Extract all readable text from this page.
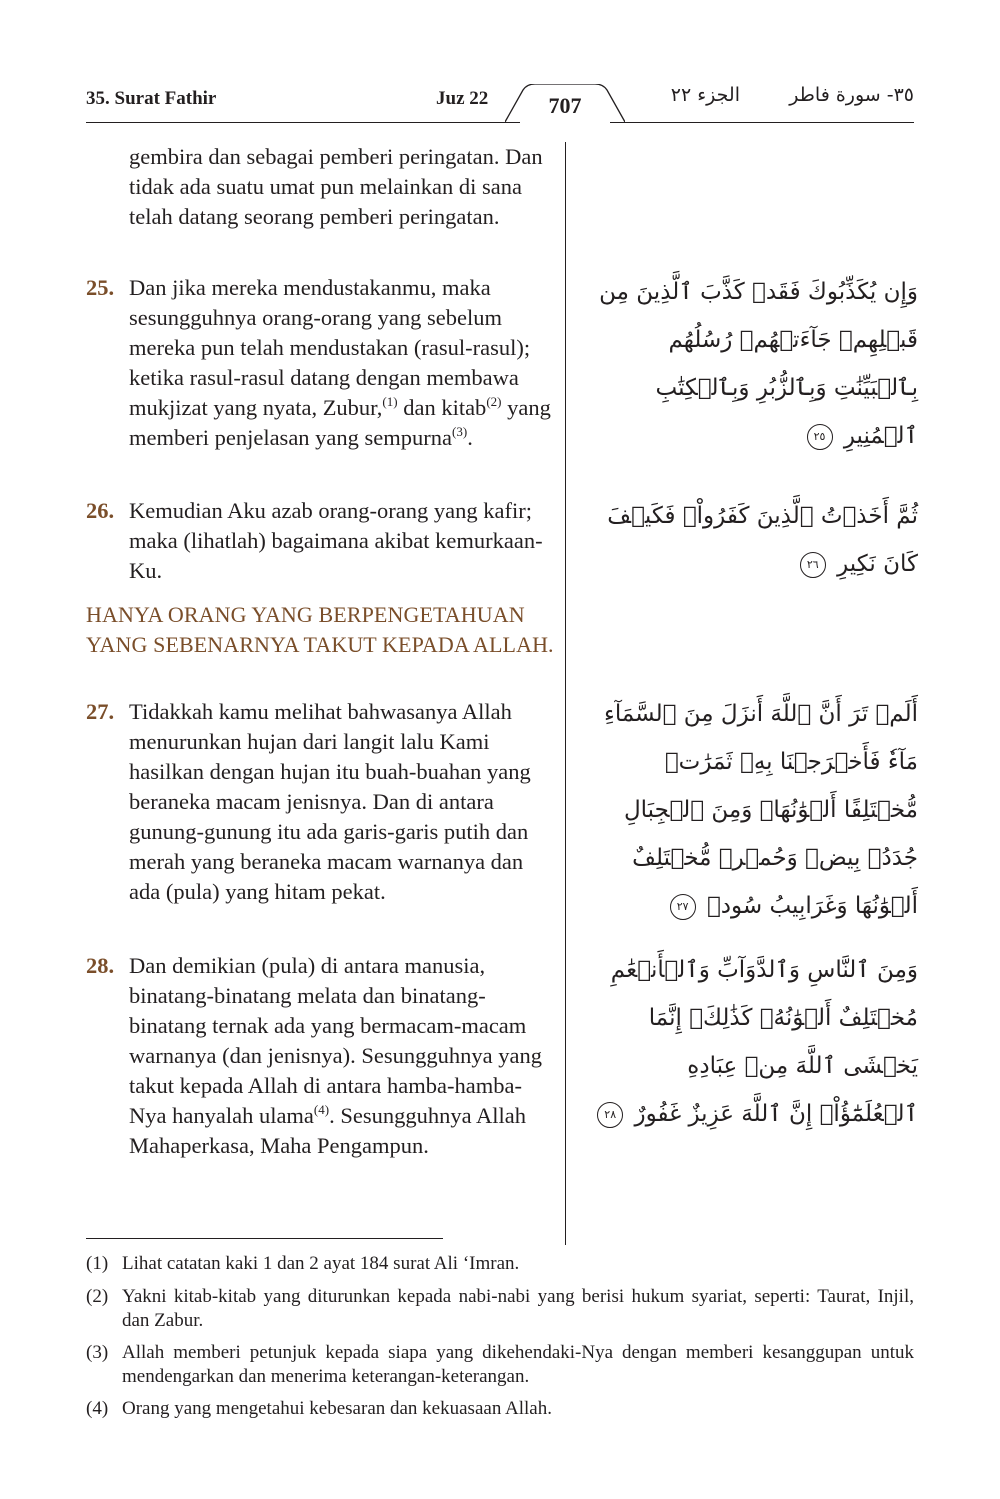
35. Surat Fathir	Juz 22	707	الجزء ٢٢	٣٥- سورة فاطر
gembira dan sebagai pemberi peringatan. Dan tidak ada suatu umat pun melainkan di sana telah datang seorang pemberi peringatan.
25. Dan jika mereka mendustakanmu, maka sesungguhnya orang-orang yang sebelum mereka pun telah mendustakan (rasul-rasul); ketika rasul-rasul datang dengan membawa mukjizat yang nyata, Zubur,$^{(1)}$ dan kitab$^{(2)}$ yang memberi penjelasan yang sempurna$^{(3)}$.
26. Kemudian Aku azab orang-orang yang kafir; maka (lihatlah) bagaimana akibat kemurkaan-Ku.
HANYA ORANG YANG BERPENGETAHUAN YANG SEBENARNYA TAKUT KEPADA ALLAH.
27. Tidakkah kamu melihat bahwasanya Allah menurunkan hujan dari langit lalu Kami hasilkan dengan hujan itu buah-buahan yang beraneka macam jenisnya. Dan di antara gunung-gunung itu ada garis-garis putih dan merah yang beraneka macam warnanya dan ada (pula) yang hitam pekat.
28. Dan demikian (pula) di antara manusia, binatang-binatang melata dan binatang-binatang ternak ada yang bermacam-macam warnanya (dan jenisnya). Sesungguhnya yang takut kepada Allah di antara hamba-hamba-Nya hanyalah ulama$^{(4)}$. Sesungguhnya Allah Mahaperkasa, Maha Pengampun.
وَإِن يُكَذِّبُوكَ فَقَدۡ كَذَّبَ ٱلَّذِينَ مِن قَبۡلِهِمۡ جَآءَتۡهُمۡ رُسُلُهُم بِٱلۡبَيِّنَٰتِ وَبِٱلزُّبُرِ وَبِٱلۡكِتَٰبِ ٱلۡمُنِيرِ ٢٥
ثُمَّ أَخَذۡتُ ٱلَّذِينَ كَفَرُواْۖ فَكَيۡفَ كَانَ نَكِيرِ ٢٦
أَلَمۡ تَرَ أَنَّ ٱللَّهَ أَنزَلَ مِنَ ٱلسَّمَآءِ مَآءٗ فَأَخۡرَجۡنَا بِهِۦ ثَمَرَٰتٖ مُّخۡتَلِفًا أَلۡوَٰنُهَاۚ وَمِنَ ٱلۡجِبَالِ جُدَدُۢ بِيضٞ وَحُمۡرٞ مُّخۡتَلِفٌ أَلۡوَٰنُهَا وَغَرَابِيبُ سُودٞ ٢٧
وَمِنَ ٱلنَّاسِ وَٱلدَّوَآبِّ وَٱلۡأَنۡعَٰمِ مُخۡتَلِفٌ أَلۡوَٰنُهُۥ كَذَٰلِكَۗ إِنَّمَا يَخۡشَى ٱللَّهَ مِنۡ عِبَادِهِ ٱلۡعُلَمَٰٓؤُاْۗ إِنَّ ٱللَّهَ عَزِيزٌ غَفُورٌ ٢٨
(1) Lihat catatan kaki 1 dan 2 ayat 184 surat Ali ‘Imran.
(2) Yakni kitab-kitab yang diturunkan kepada nabi-nabi yang berisi hukum syariat, seperti: Taurat, Injil, dan Zabur.
(3) Allah memberi petunjuk kepada siapa yang dikehendaki-Nya dengan memberi kesanggupan untuk mendengarkan dan menerima keterangan-keterangan.
(4) Orang yang mengetahui kebesaran dan kekuasaan Allah.
